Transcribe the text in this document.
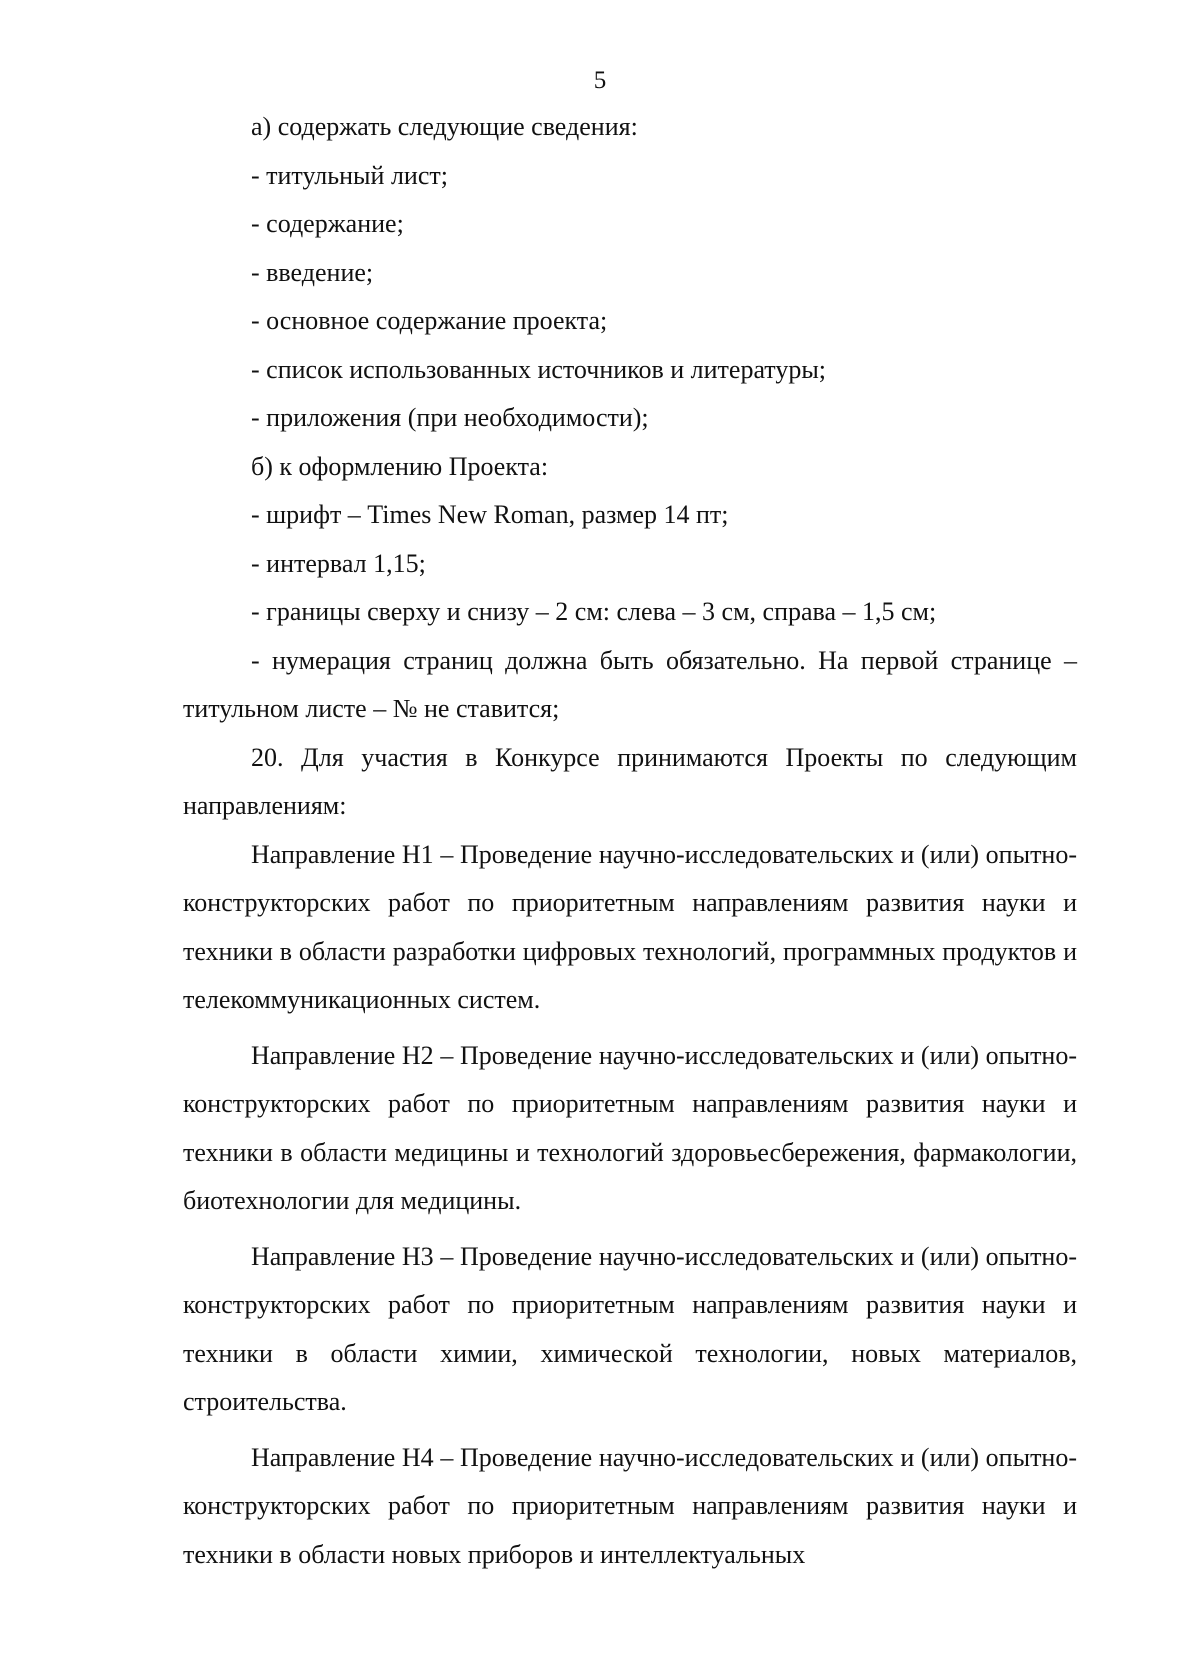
5

а) содержать следующие сведения:

- титульный лист;

- содержание;

- введение;

- основное содержание проекта;

- список использованных источников и литературы;

- приложения (при необходимости);

б) к оформлению Проекта:

- шрифт – Times New Roman, размер 14 пт;

- интервал 1,15;

- границы сверху и снизу – 2 см: слева – 3 см, справа – 1,5 см;

- нумерация страниц должна быть обязательно. На первой странице – титульном листе – № не ставится;

20. Для участия в Конкурсе принимаются Проекты по следующим направлениям:

Направление Н1 – Проведение научно-исследовательских и (или) опытно-конструкторских работ по приоритетным направлениям развития науки и техники в области разработки цифровых технологий, программных продуктов и телекоммуникационных систем.

Направление Н2 – Проведение научно-исследовательских и (или) опытно-конструкторских работ по приоритетным направлениям развития науки и техники в области медицины и технологий здоровьесбережения, фармакологии, биотехнологии для медицины.

Направление Н3 – Проведение научно-исследовательских и (или) опытно-конструкторских работ по приоритетным направлениям развития науки и техники в области химии, химической технологии, новых материалов, строительства.

Направление Н4 – Проведение научно-исследовательских и (или) опытно-конструкторских работ по приоритетным направлениям развития науки и техники в области новых приборов и интеллектуальных
